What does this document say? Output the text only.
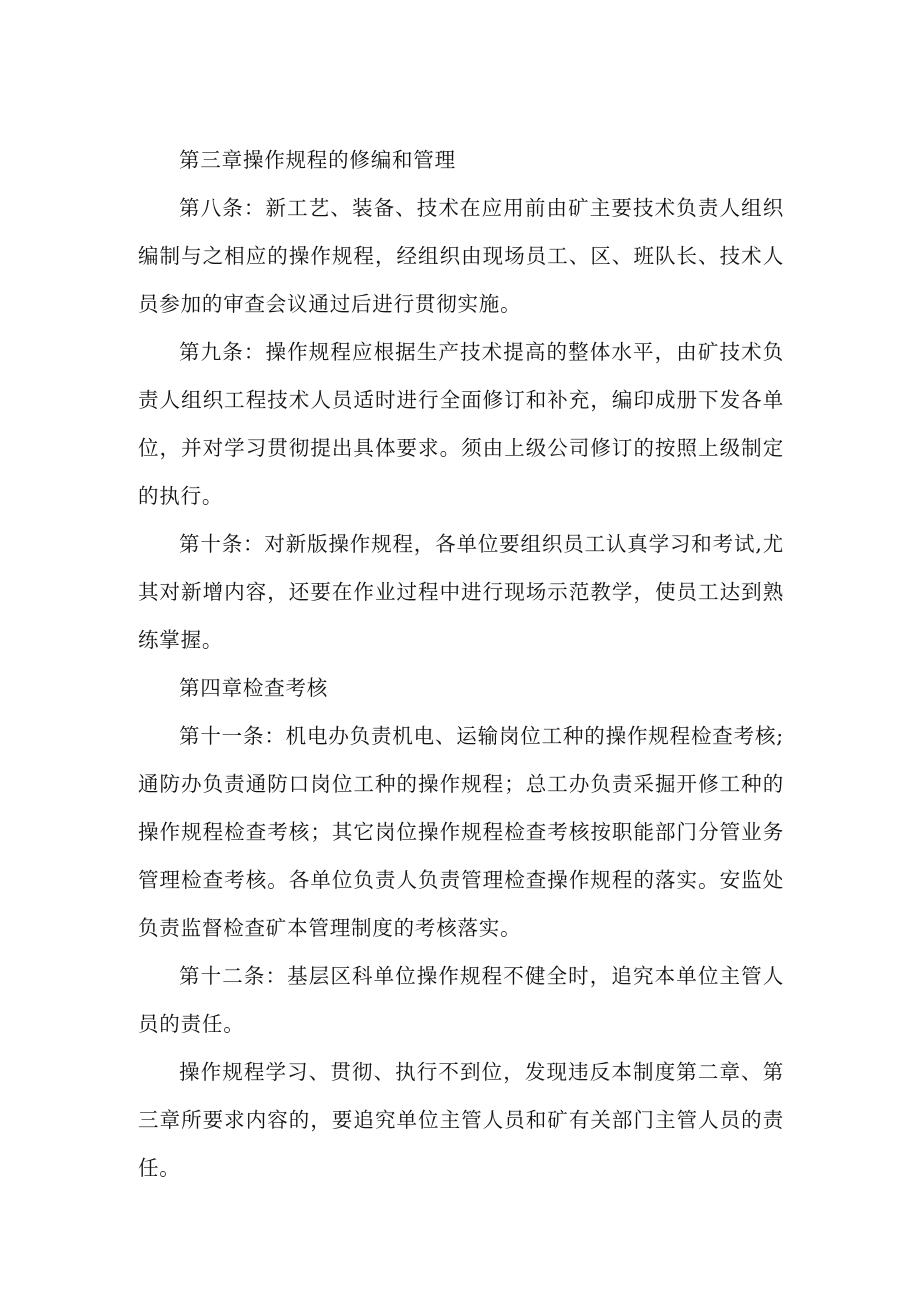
第三章操作规程的修编和管理

第八条：新工艺、装备、技术在应用前由矿主要技术负责人组织编制与之相应的操作规程，经组织由现场员工、区、班队长、技术人员参加的审查会议通过后进行贯彻实施。

第九条：操作规程应根据生产技术提高的整体水平，由矿技术负责人组织工程技术人员适时进行全面修订和补充，编印成册下发各单位，并对学习贯彻提出具体要求。须由上级公司修订的按照上级制定的执行。

第十条：对新版操作规程，各单位要组织员工认真学习和考试,尤其对新增内容，还要在作业过程中进行现场示范教学，使员工达到熟练掌握。

第四章检查考核

第十一条：机电办负责机电、运输岗位工种的操作规程检查考核;通防办负责通防口岗位工种的操作规程；总工办负责采掘开修工种的操作规程检查考核；其它岗位操作规程检查考核按职能部门分管业务管理检查考核。各单位负责人负责管理检查操作规程的落实。安监处负责监督检查矿本管理制度的考核落实。

第十二条：基层区科单位操作规程不健全时，追究本单位主管人员的责任。

操作规程学习、贯彻、执行不到位，发现违反本制度第二章、第三章所要求内容的，要追究单位主管人员和矿有关部门主管人员的责任。
